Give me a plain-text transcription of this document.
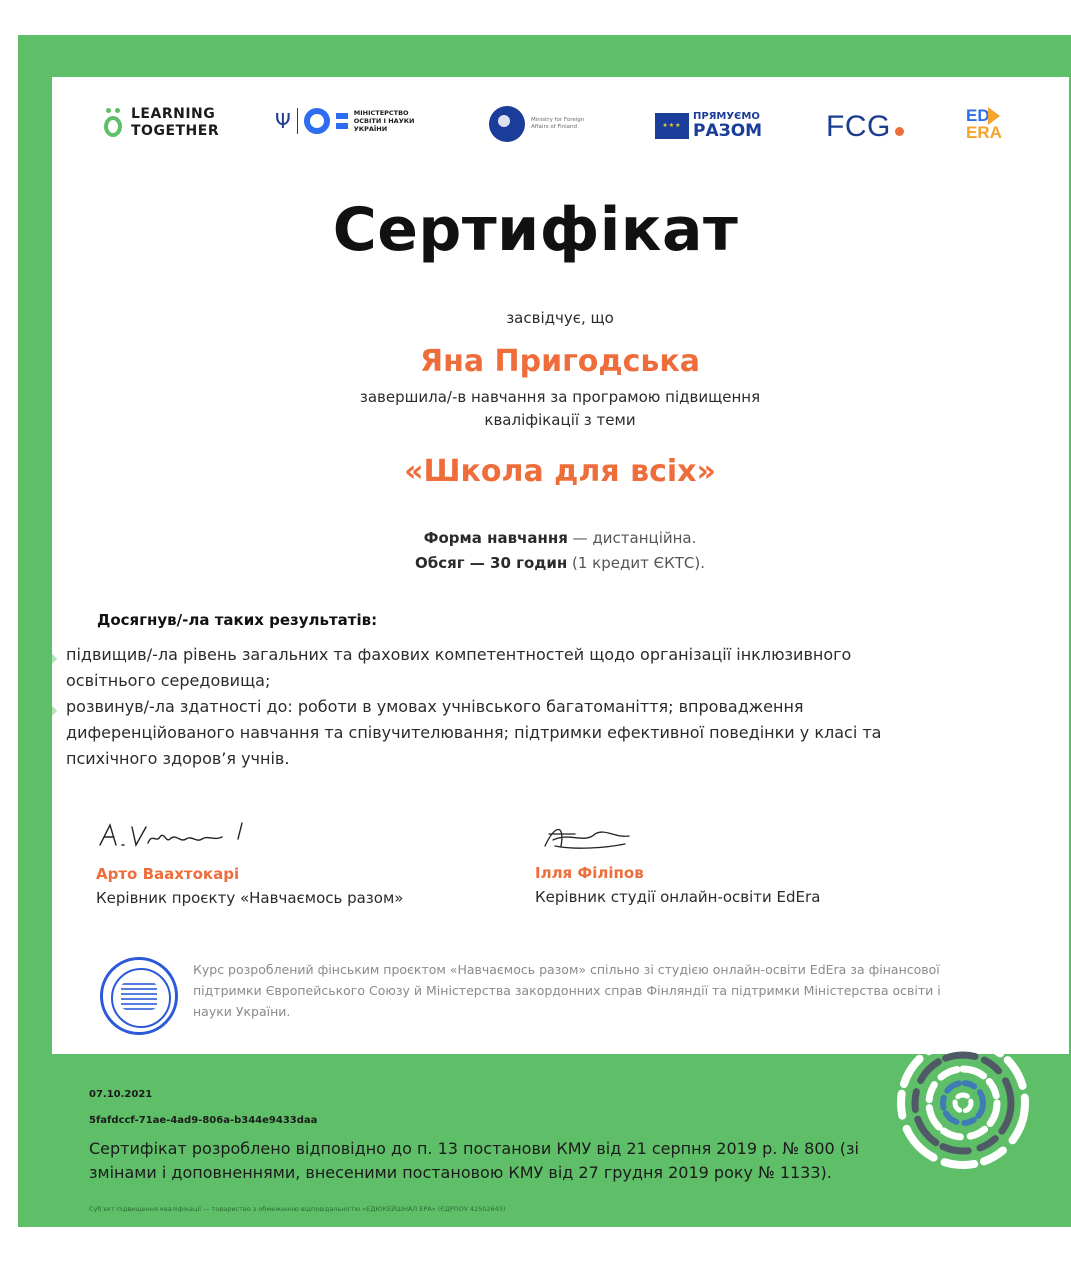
LEARNING
TOGETHER	Ψ	МІНІСТЕРСТВО ОСВІТИ І НАУКИ УКРАЇНИ
Ministry for Foreign Affairs of Finland	★★★
ПРЯМУЄМО
РАЗОМ FCG	ED
ERA
Сертифікат
засвідчує, що
Яна Пригодська
завершила/-в навчання за програмою підвищення
кваліфікації з теми
«Школа для всіх»
Форма навчання — дистанційна.
Обсяг — 30 годин (1 кредит ЄКТС).
Досягнув/-ла таких результатів:
◆ підвищив/-ла рівень загальних та фахових компетентностей щодо організації інклюзивного освітнього середовища;
◆ розвинув/-ла здатності до: роботи в умовах учнівського багатоманіття; впровадження диференційованого навчання та співучителювання; підтримки ефективної поведінки у класі та психічного здоров’я учнів.
Арто Ваахтокарі
Керівник проєкту «Навчаємось разом»
Ілля Філіпов
Керівник студії онлайн-освіти EdEra
Курс розроблений фінським проєктом «Навчаємось разом» спільно зі студією онлайн-освіти EdEra за фінансової підтримки Європейського Союзу й Міністерства закордонних справ Фінляндії та підтримки Міністерства освіти і науки України.
07.10.2021
5fafdccf-71ae-4ad9-806a-b344e9433daa
Сертифікат розроблено відповідно до п. 13 постанови КМУ від 21 серпня 2019 р. № 800 (зі змінами і доповненнями, внесеними постановою КМУ від 27 грудня 2019 року № 1133).
Суб’єкт підвищення кваліфікації — товариство з обмеженою відповідальністю «ЕДЮКЕЙШНАЛ ЕРА» (ЄДРПОУ 42502643)
